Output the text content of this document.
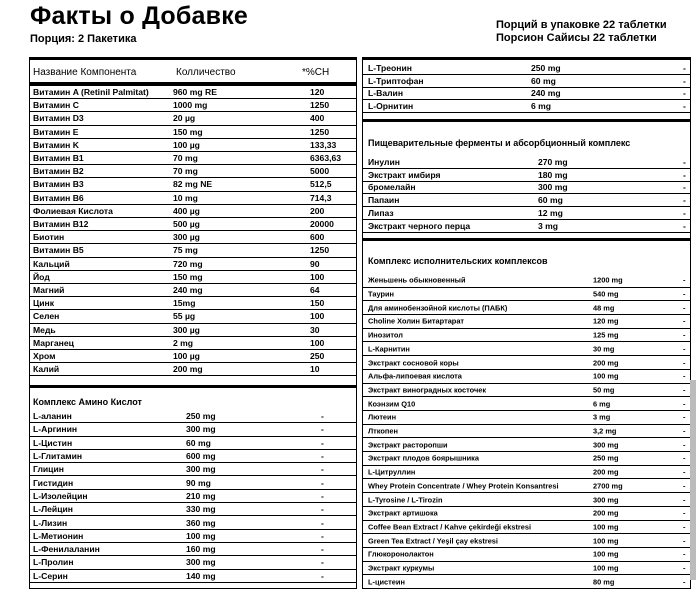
Факты о Добавке
Порция: 2 Пакетика
Порций в упаковке 22 таблетки
Порсион Сайисы 22 таблетки
Название Компонента	Колличество	*%СН
Витамин A (Retinil Palmitat)	960 mg RE	120
Витамин C	1000 mg	1250
Витамин D3	20 µg	400
Витамин E	150 mg	1250
Витамин K	100 µg	133,33
Витамин B1	70 mg	6363,63
Витамин B2	70 mg	5000
Витамин B3	82 mg NE	512,5
Витамин B6	10 mg	714,3
Фолиевая Кислота	400 µg	200
Витамин B12	500 µg	20000
Биотин	300 µg	600
Витамин B5	75 mg	1250
Кальций	720 mg	90
Йод	150 mg	100
Магний	240 mg	64
Цинк	15mg	150
Селен	55 µg	100
Медь	300 µg	30
Марганец	2 mg	100
Хром	100 µg	250
Калий	200 mg	10
Комплекс Амино Кислот
L-аланин	250 mg	-
L-Аргинин	300 mg	-
L-Цистин	60 mg	-
L-Глитамин	600 mg	-
Глицин	300 mg	-
Гистидин	90 mg	-
L-Изолейцин	210 mg	-
L-Лейцин	330 mg	-
L-Лизин	360 mg	-
L-Метионин	100 mg	-
L-Фенилаланин	160 mg	-
L-Пролин	300 mg	-
L-Серин	140 mg	-
L-Треонин	250 mg	-
L-Триптофан	60 mg	-
L-Валин	240 mg	-
L-Орнитин	6 mg	-
Пищеварительные ферменты и абсорбционный комплекс
Инулин	270 mg	-
Экстракт имбиря	180 mg	-
бромелайн	300 mg	-
Папаин	60 mg	-
Липаз	12 mg	-
Экстракт черного перца	3 mg	-
Комплекс исполнительских комплексов
Жeньшeнь обыкновенный	1200 mg	-
Таурин	540 mg	-
Для аминобензойной кислоты (ПАБК)	48 mg	-
Choline Холин Битартарат	120 mg	-
Инозитол	125 mg	-
L-Карнитин	30 mg	-
Экстракт сосновой коры	200 mg	-
Альфа-липоевая кислота	100 mg	-
Экстракт виноградных косточек	50 mg	-
Коэнзим Q10	6 mg	-
Лютеин	3 mg	-
Лткопен	3,2 mg	-
Экстракт расторопши	300 mg	-
Экстракт плодов боярышника	250 mg	-
L-Цитруллин	200 mg	-
Whey Protein Concentrate / Whey Protein Konsantresi	2700 mg	-
L-Tyrosine / L-Tirozin	300 mg	-
Экстракт артишока	200 mg	-
Coffee Bean Extract / Kahve çekirdeği ekstresi	100 mg	-
Green Tea Extract / Yeşil çay ekstresi	100 mg	-
Глюкоронолактон	100 mg	-
Экстракт куркумы	100 mg	-
L-цистеин	80 mg	-
